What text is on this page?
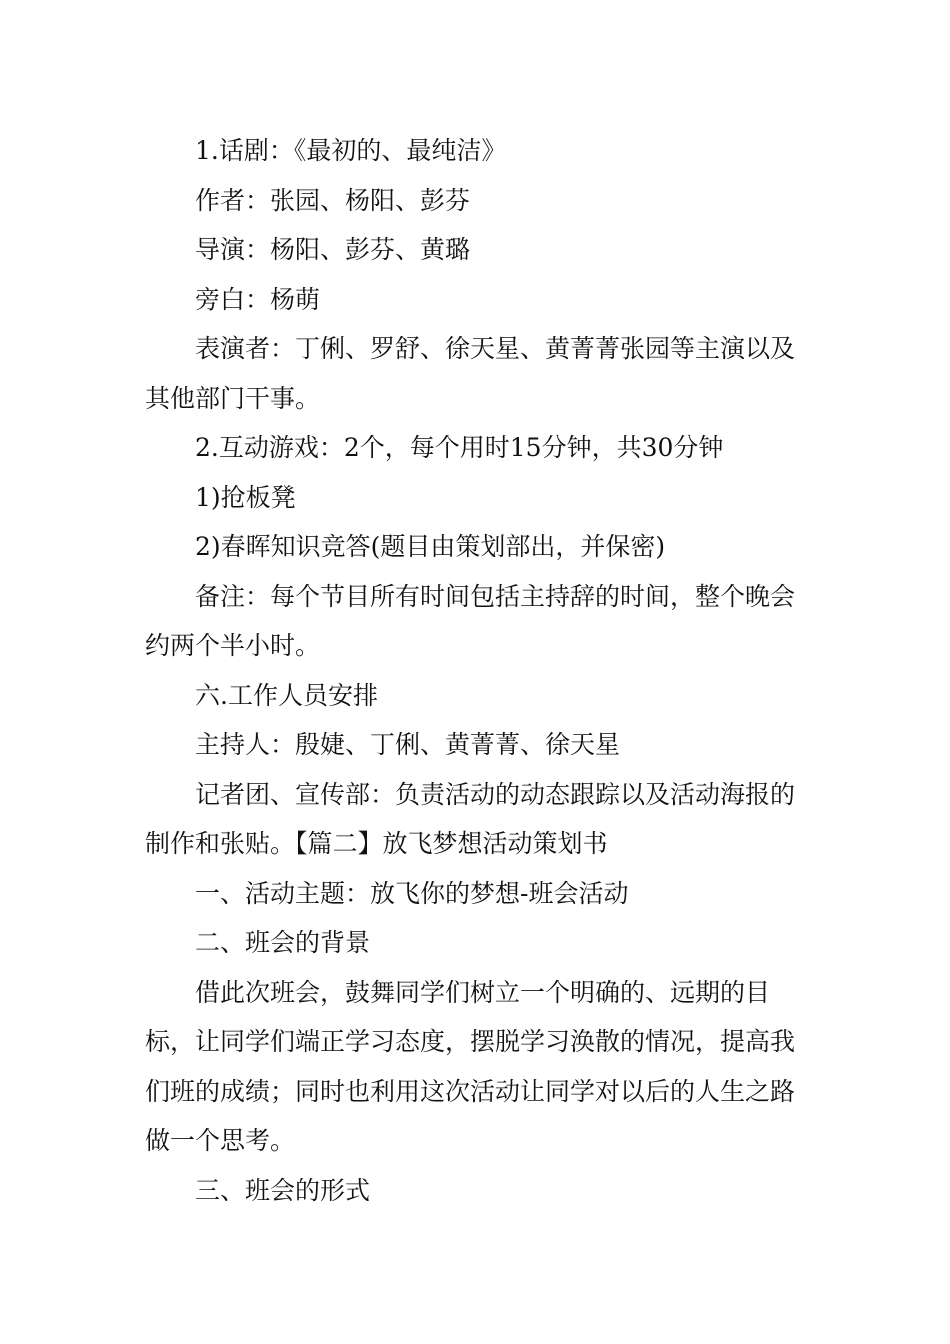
1.话剧：《最初的、最纯洁》

作者：张园、杨阳、彭芬

导演：杨阳、彭芬、黄璐

旁白：杨萌

表演者：丁俐、罗舒、徐天星、黄菁菁张园等主演以及其他部门干事。

2.互动游戏：2个，每个用时15分钟，共30分钟

1)抢板凳

2)春晖知识竞答(题目由策划部出，并保密)

备注：每个节目所有时间包括主持辞的时间，整个晚会约两个半小时。

六.工作人员安排

主持人：殷婕、丁俐、黄菁菁、徐天星

记者团、宣传部：负责活动的动态跟踪以及活动海报的制作和张贴。【篇二】放飞梦想活动策划书

一、活动主题：放飞你的梦想-班会活动

二、班会的背景

借此次班会，鼓舞同学们树立一个明确的、远期的目标，让同学们端正学习态度，摆脱学习涣散的情况，提高我们班的成绩；同时也利用这次活动让同学对以后的人生之路做一个思考。

三、班会的形式
